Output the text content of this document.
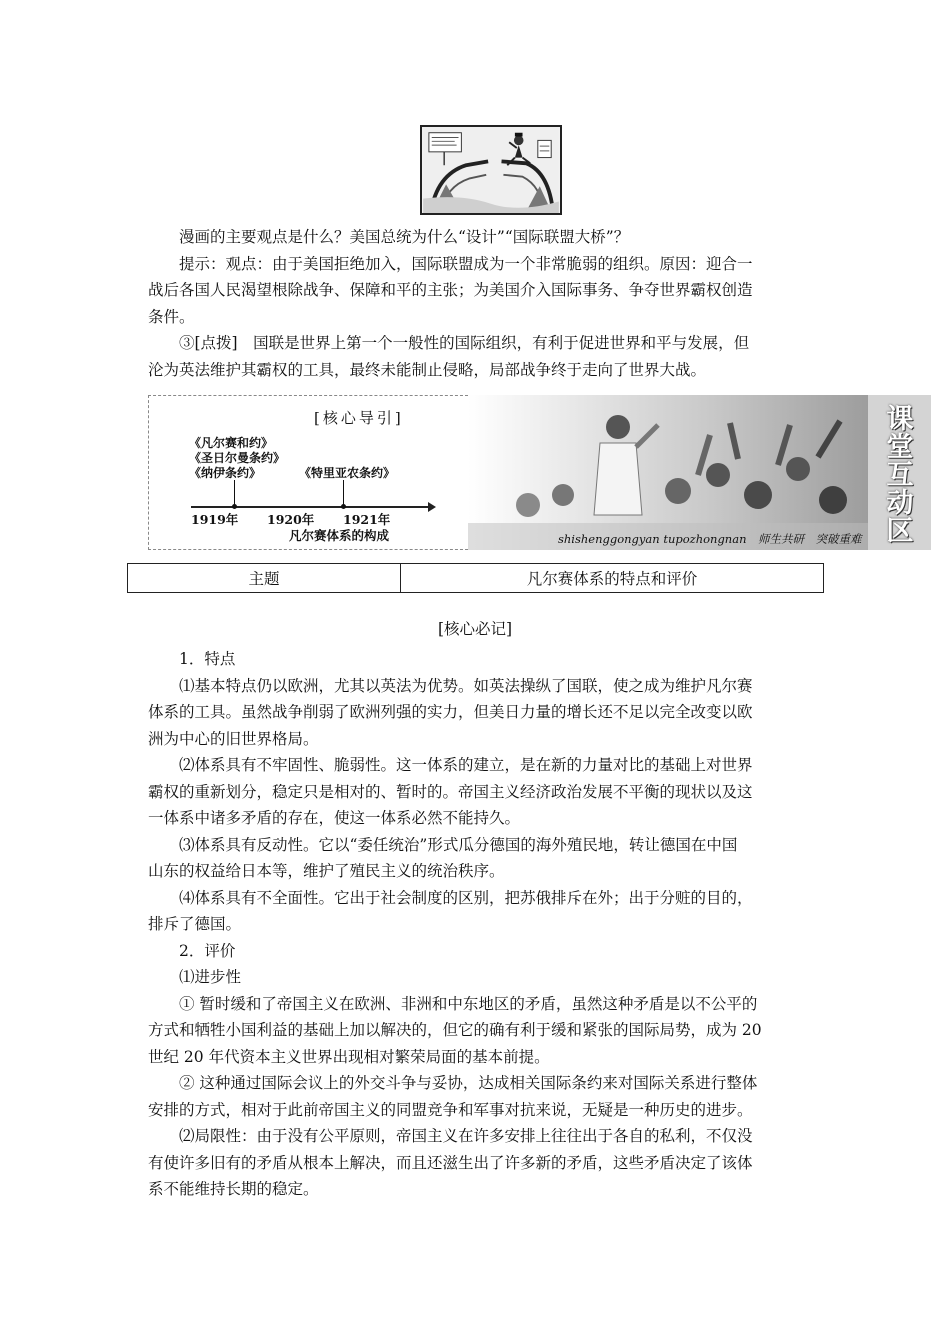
漫画的主要观点是什么？美国总统为什么“设计”“国际联盟大桥”？

提示：观点：由于美国拒绝加入，国际联盟成为一个非常脆弱的组织。原因：迎合一

战后各国人民渴望根除战争、保障和平的主张；为美国介入国际事务、争夺世界霸权创造

条件。

③[点拨]　国联是世界上第一个一般性的国际组织，有利于促进世界和平与发展，但

沦为英法维护其霸权的工具，最终未能制止侵略，局部战争终于走向了世界大战。

[核心导引]
《凡尔赛和约》
《圣日尔曼条约》
《纳伊条约》	《特里亚农条约》
1919年 1920年 1921年
凡尔赛体系的构成
课
堂
互
动
区
shishenggongyan tupozhongnan　师生共研　突破重难
主题	凡尔赛体系的特点和评价
[核心必记]

1．特点

⑴基本特点仍以欧洲，尤其以英法为优势。如英法操纵了国联，使之成为维护凡尔赛

体系的工具。虽然战争削弱了欧洲列强的实力，但美日力量的增长还不足以完全改变以欧

洲为中心的旧世界格局。

⑵体系具有不牢固性、脆弱性。这一体系的建立，是在新的力量对比的基础上对世界

霸权的重新划分，稳定只是相对的、暂时的。帝国主义经济政治发展不平衡的现状以及这

一体系中诸多矛盾的存在，使这一体系必然不能持久。

⑶体系具有反动性。它以“委任统治”形式瓜分德国的海外殖民地，转让德国在中国

山东的权益给日本等，维护了殖民主义的统治秩序。

⑷体系具有不全面性。它出于社会制度的区别，把苏俄排斥在外；出于分赃的目的，

排斥了德国。

2．评价

⑴进步性

① 暂时缓和了帝国主义在欧洲、非洲和中东地区的矛盾，虽然这种矛盾是以不公平的

方式和牺牲小国利益的基础上加以解决的，但它的确有利于缓和紧张的国际局势，成为 20

世纪 20 年代资本主义世界出现相对繁荣局面的基本前提。

② 这种通过国际会议上的外交斗争与妥协，达成相关国际条约来对国际关系进行整体

安排的方式，相对于此前帝国主义的同盟竞争和军事对抗来说，无疑是一种历史的进步。

⑵局限性：由于没有公平原则，帝国主义在许多安排上往往出于各自的私利，不仅没

有使许多旧有的矛盾从根本上解决，而且还滋生出了许多新的矛盾，这些矛盾决定了该体

系不能维持长期的稳定。
